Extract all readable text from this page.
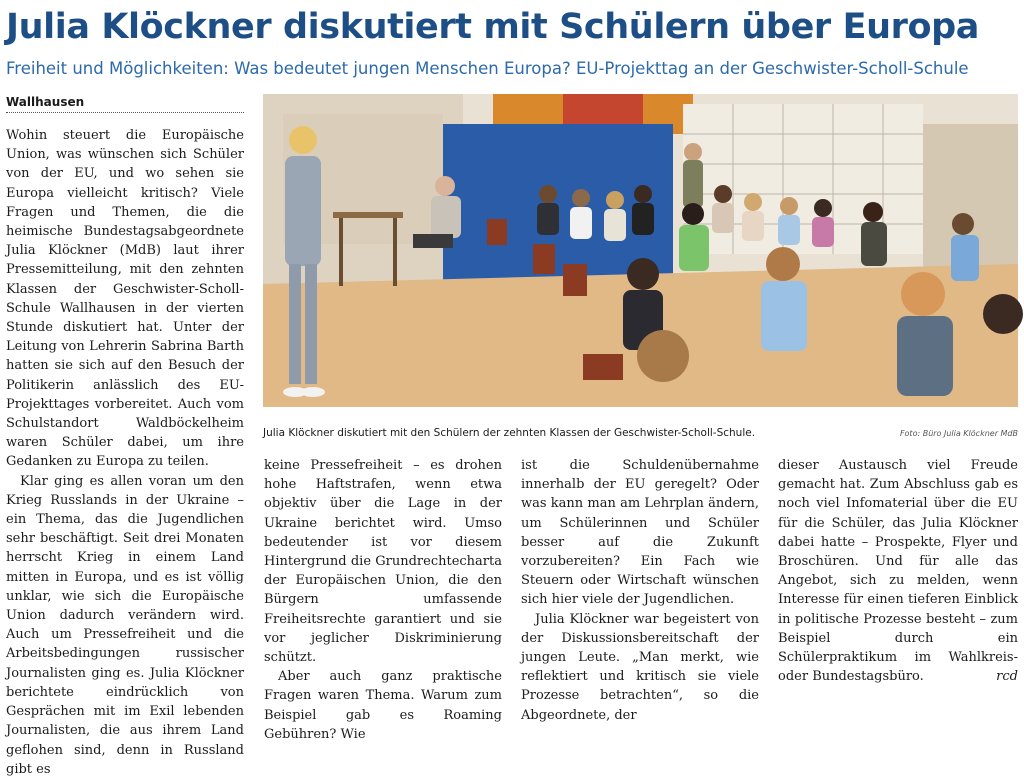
Julia Klöckner diskutiert mit Schülern über Europa
Freiheit und Möglichkeiten: Was bedeutet jungen Menschen Europa? EU-Projekttag an der Geschwister-Scholl-Schule
Wallhausen

Wohin steuert die Europäische Union, was wünschen sich Schüler von der EU, und wo sehen sie Europa vielleicht kritisch? Viele Fragen und Themen, die die heimische Bundestagsabgeordnete Julia Klöckner (MdB) laut ihrer Pressemitteilung, mit den zehnten Klassen der Geschwister-Scholl-Schule Wallhausen in der vierten Stunde diskutiert hat. Unter der Leitung von Lehrerin Sabrina Barth hatten sie sich auf den Besuch der Politikerin anlässlich des EU-Projekttages vorbereitet. Auch vom Schulstandort Waldböckelheim waren Schüler dabei, um ihre Gedanken zu Europa zu teilen.

Klar ging es allen voran um den Krieg Russlands in der Ukraine – ein Thema, das die Jugendlichen sehr beschäftigt. Seit drei Monaten herrscht Krieg in einem Land mitten in Europa, und es ist völlig unklar, wie sich die Europäische Union dadurch verändern wird. Auch um Pressefreiheit und die Arbeitsbedingungen russischer Journalisten ging es. Julia Klöckner berichtete eindrücklich von Gesprächen mit im Exil lebenden Journalisten, die aus ihrem Land geflohen sind, denn in Russland gibt es

Julia Klöckner diskutiert mit den Schülern der zehnten Klassen der Geschwister-Scholl-Schule.	Foto: Büro Julia Klöckner MdB

keine Pressefreiheit – es drohen hohe Haftstrafen, wenn etwa objektiv über die Lage in der Ukraine berichtet wird. Umso bedeutender ist vor diesem Hintergrund die Grundrechtecharta der Europäischen Union, die den Bürgern umfassende Freiheitsrechte garantiert und sie vor jeglicher Diskriminierung schützt.

Aber auch ganz praktische Fragen waren Thema. Warum zum Beispiel gab es Roaming Gebühren? Wie

ist die Schuldenübernahme innerhalb der EU geregelt? Oder was kann man am Lehrplan ändern, um Schülerinnen und Schüler besser auf die Zukunft vorzubereiten? Ein Fach wie Steuern oder Wirtschaft wünschen sich hier viele der Jugendlichen.

Julia Klöckner war begeistert von der Diskussionsbereitschaft der jungen Leute. „Man merkt, wie reflektiert und kritisch sie viele Prozesse betrachten“, so die Abgeordnete, der

dieser Austausch viel Freude gemacht hat. Zum Abschluss gab es noch viel Infomaterial über die EU für die Schüler, das Julia Klöckner dabei hatte – Prospekte, Flyer und Broschüren. Und für alle das Angebot, sich zu melden, wenn Interesse für einen tieferen Einblick in politische Prozesse besteht – zum Beispiel durch ein Schülerpraktikum im Wahlkreis- oder Bundestagsbüro.	rcd
